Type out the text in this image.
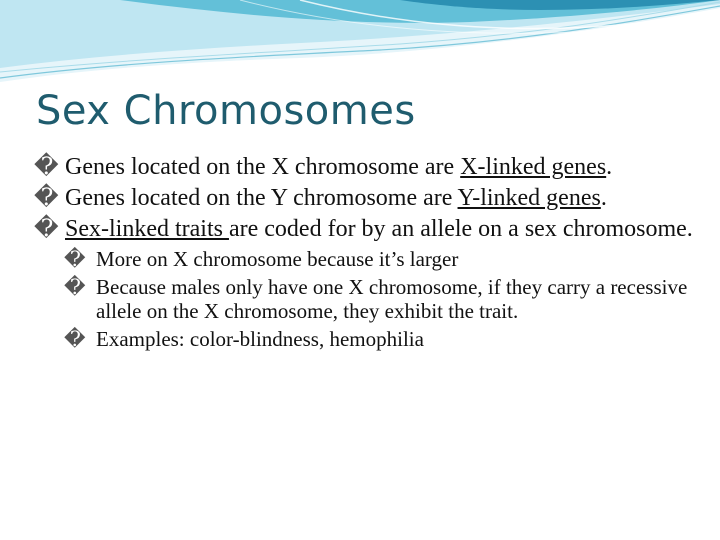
Sex Chromosomes
� Genes located on the X chromosome are X-linked genes.
� Genes located on the Y chromosome are Y-linked genes.
� Sex-linked traits are coded for by an allele on a sex chromosome.
� More on X chromosome because it’s larger
� Because males only have one X chromosome, if they carry a recessive allele on the X chromosome, they exhibit the trait.
� Examples: color-blindness, hemophilia
